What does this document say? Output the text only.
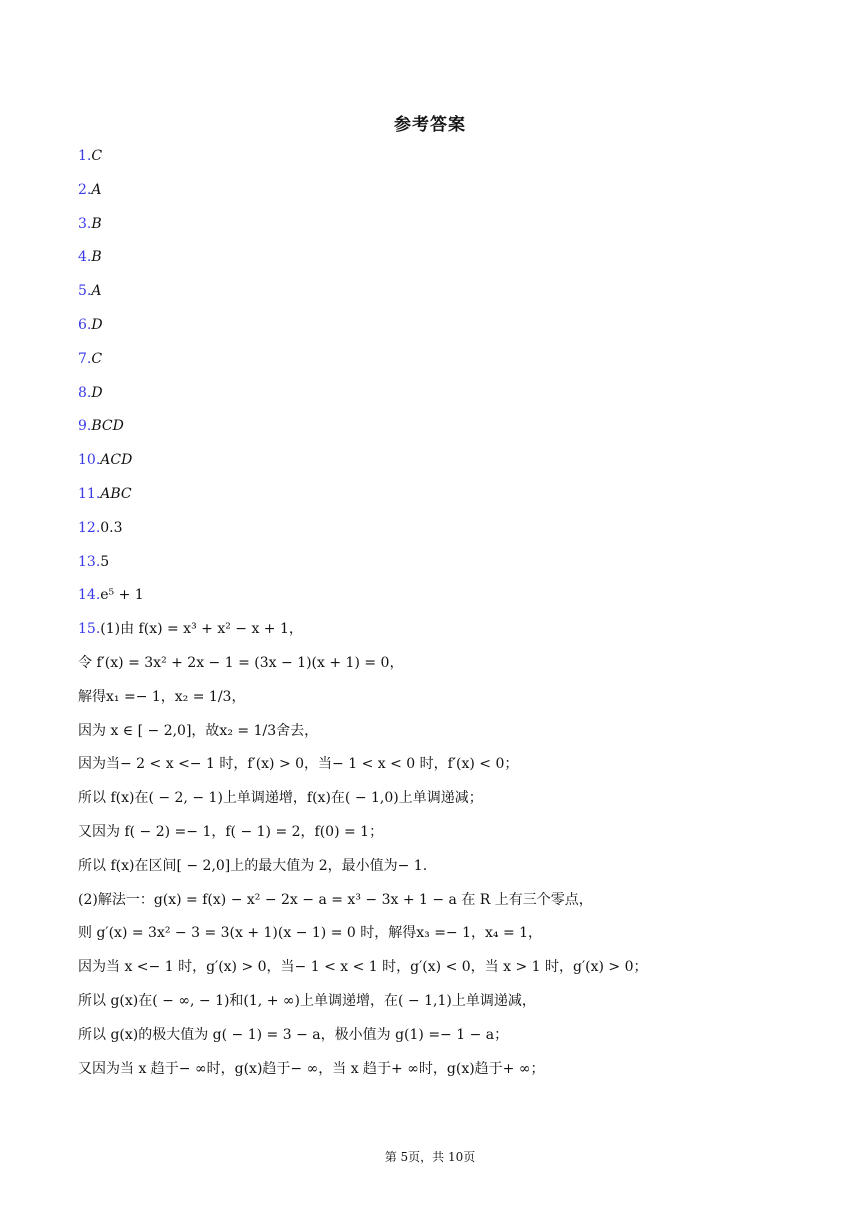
参考答案
1.C
2.A
3.B
4.B
5.A
6.D
7.C
8.D
9.BCD
10.ACD
11.ABC
12.0.3
13.5
14.e⁵ + 1
15.(1)由 f(x) = x³ + x² − x + 1，
令 f′(x) = 3x² + 2x − 1 = (3x − 1)(x + 1) = 0，
解得x₁ =− 1，x₂ = 1/3，
因为 x ∈ [ − 2,0]，故x₂ = 1/3舍去，
因为当− 2 < x <− 1 时，f′(x) > 0，当− 1 < x < 0 时，f′(x) < 0；
所以 f(x)在( − 2, − 1)上单调递增，f(x)在( − 1,0)上单调递减；
又因为 f( − 2) =− 1，f( − 1) = 2，f(0) = 1；
所以 f(x)在区间[ − 2,0]上的最大值为 2，最小值为− 1.
(2)解法一：g(x) = f(x) − x² − 2x − a = x³ − 3x + 1 − a 在 R 上有三个零点，
则 g′(x) = 3x² − 3 = 3(x + 1)(x − 1) = 0 时，解得x₃ =− 1，x₄ = 1，
因为当 x <− 1 时，g′(x) > 0，当− 1 < x < 1 时，g′(x) < 0，当 x > 1 时，g′(x) > 0；
所以 g(x)在( − ∞, − 1)和(1, + ∞)上单调递增，在( − 1,1)上单调递减，
所以 g(x)的极大值为 g( − 1) = 3 − a，极小值为 g(1) =− 1 − a；
又因为当 x 趋于− ∞时，g(x)趋于− ∞，当 x 趋于+ ∞时，g(x)趋于+ ∞；
第 5页，共 10页
